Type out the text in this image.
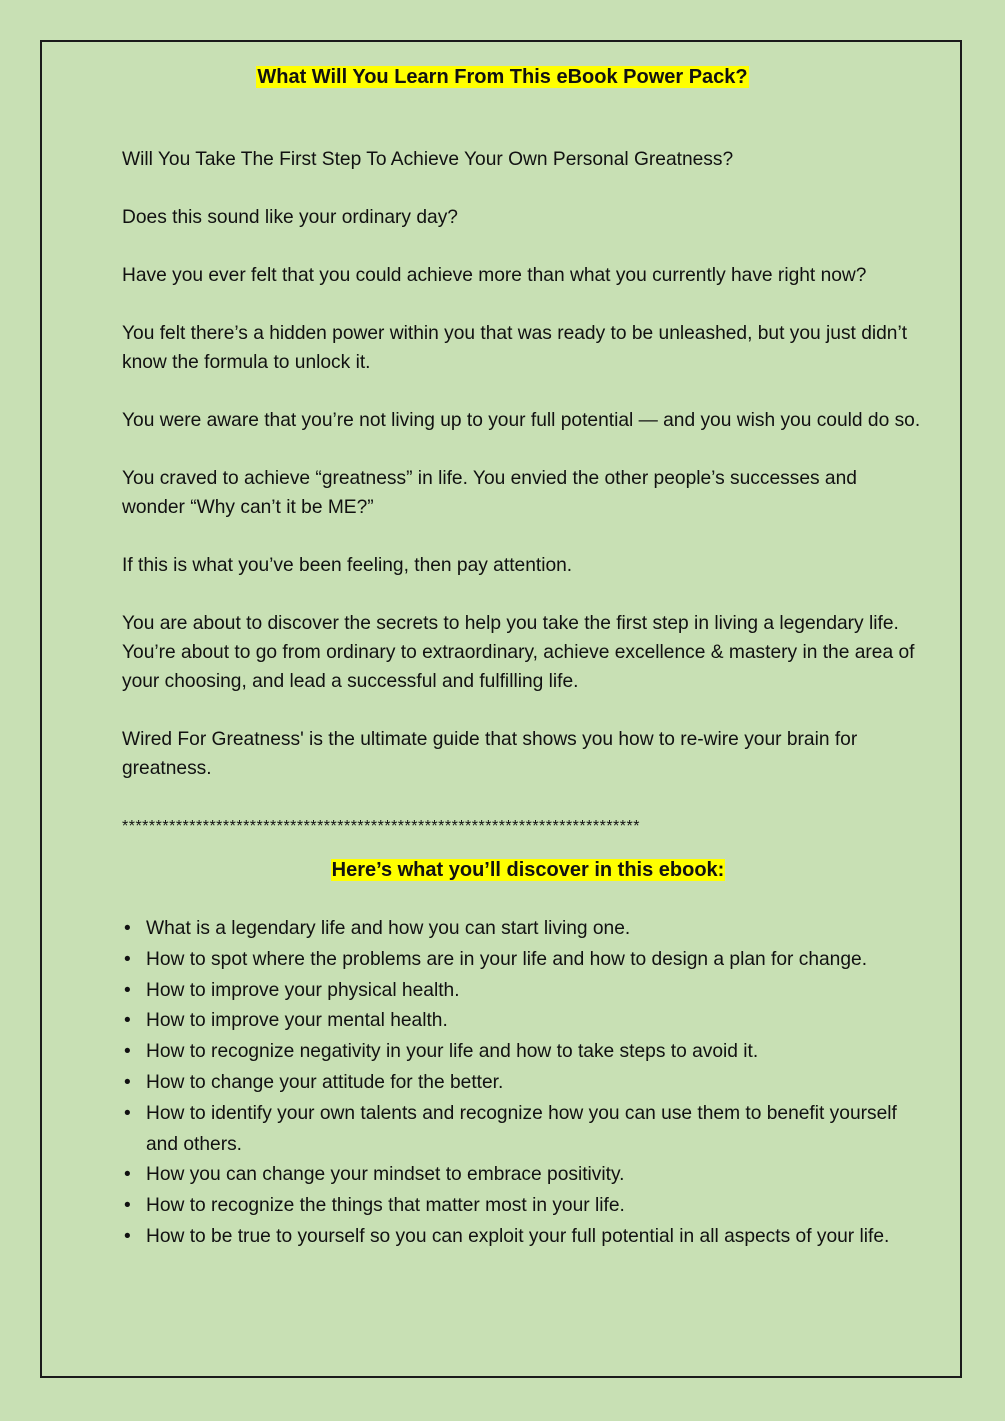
What Will You Learn From This eBook Power Pack?

Will You Take The First Step To Achieve Your Own Personal Greatness?

Does this sound like your ordinary day?

Have you ever felt that you could achieve more than what you currently have right now?

You felt there’s a hidden power within you that was ready to be unleashed, but you just didn’t know the formula to unlock it.

You were aware that you’re not living up to your full potential — and you wish you could do so.

You craved to achieve “greatness” in life. You envied the other people’s successes and wonder “Why can’t it be ME?”

If this is what you’ve been feeling, then pay attention.

You are about to discover the secrets to help you take the first step in living a legendary life. You’re about to go from ordinary to extraordinary, achieve excellence & mastery in the area of your choosing, and lead a successful and fulfilling life.

Wired For Greatness' is the ultimate guide that shows you how to re-wire your brain for greatness.

*****************************************************************************
Here’s what you’ll discover in this ebook:
• What is a legendary life and how you can start living one.
• How to spot where the problems are in your life and how to design a plan for change.
• How to improve your physical health.
• How to improve your mental health.
• How to recognize negativity in your life and how to take steps to avoid it.
• How to change your attitude for the better.
• How to identify your own talents and recognize how you can use them to benefit yourself and others.
• How you can change your mindset to embrace positivity.
• How to recognize the things that matter most in your life.
• How to be true to yourself so you can exploit your full potential in all aspects of your life.
